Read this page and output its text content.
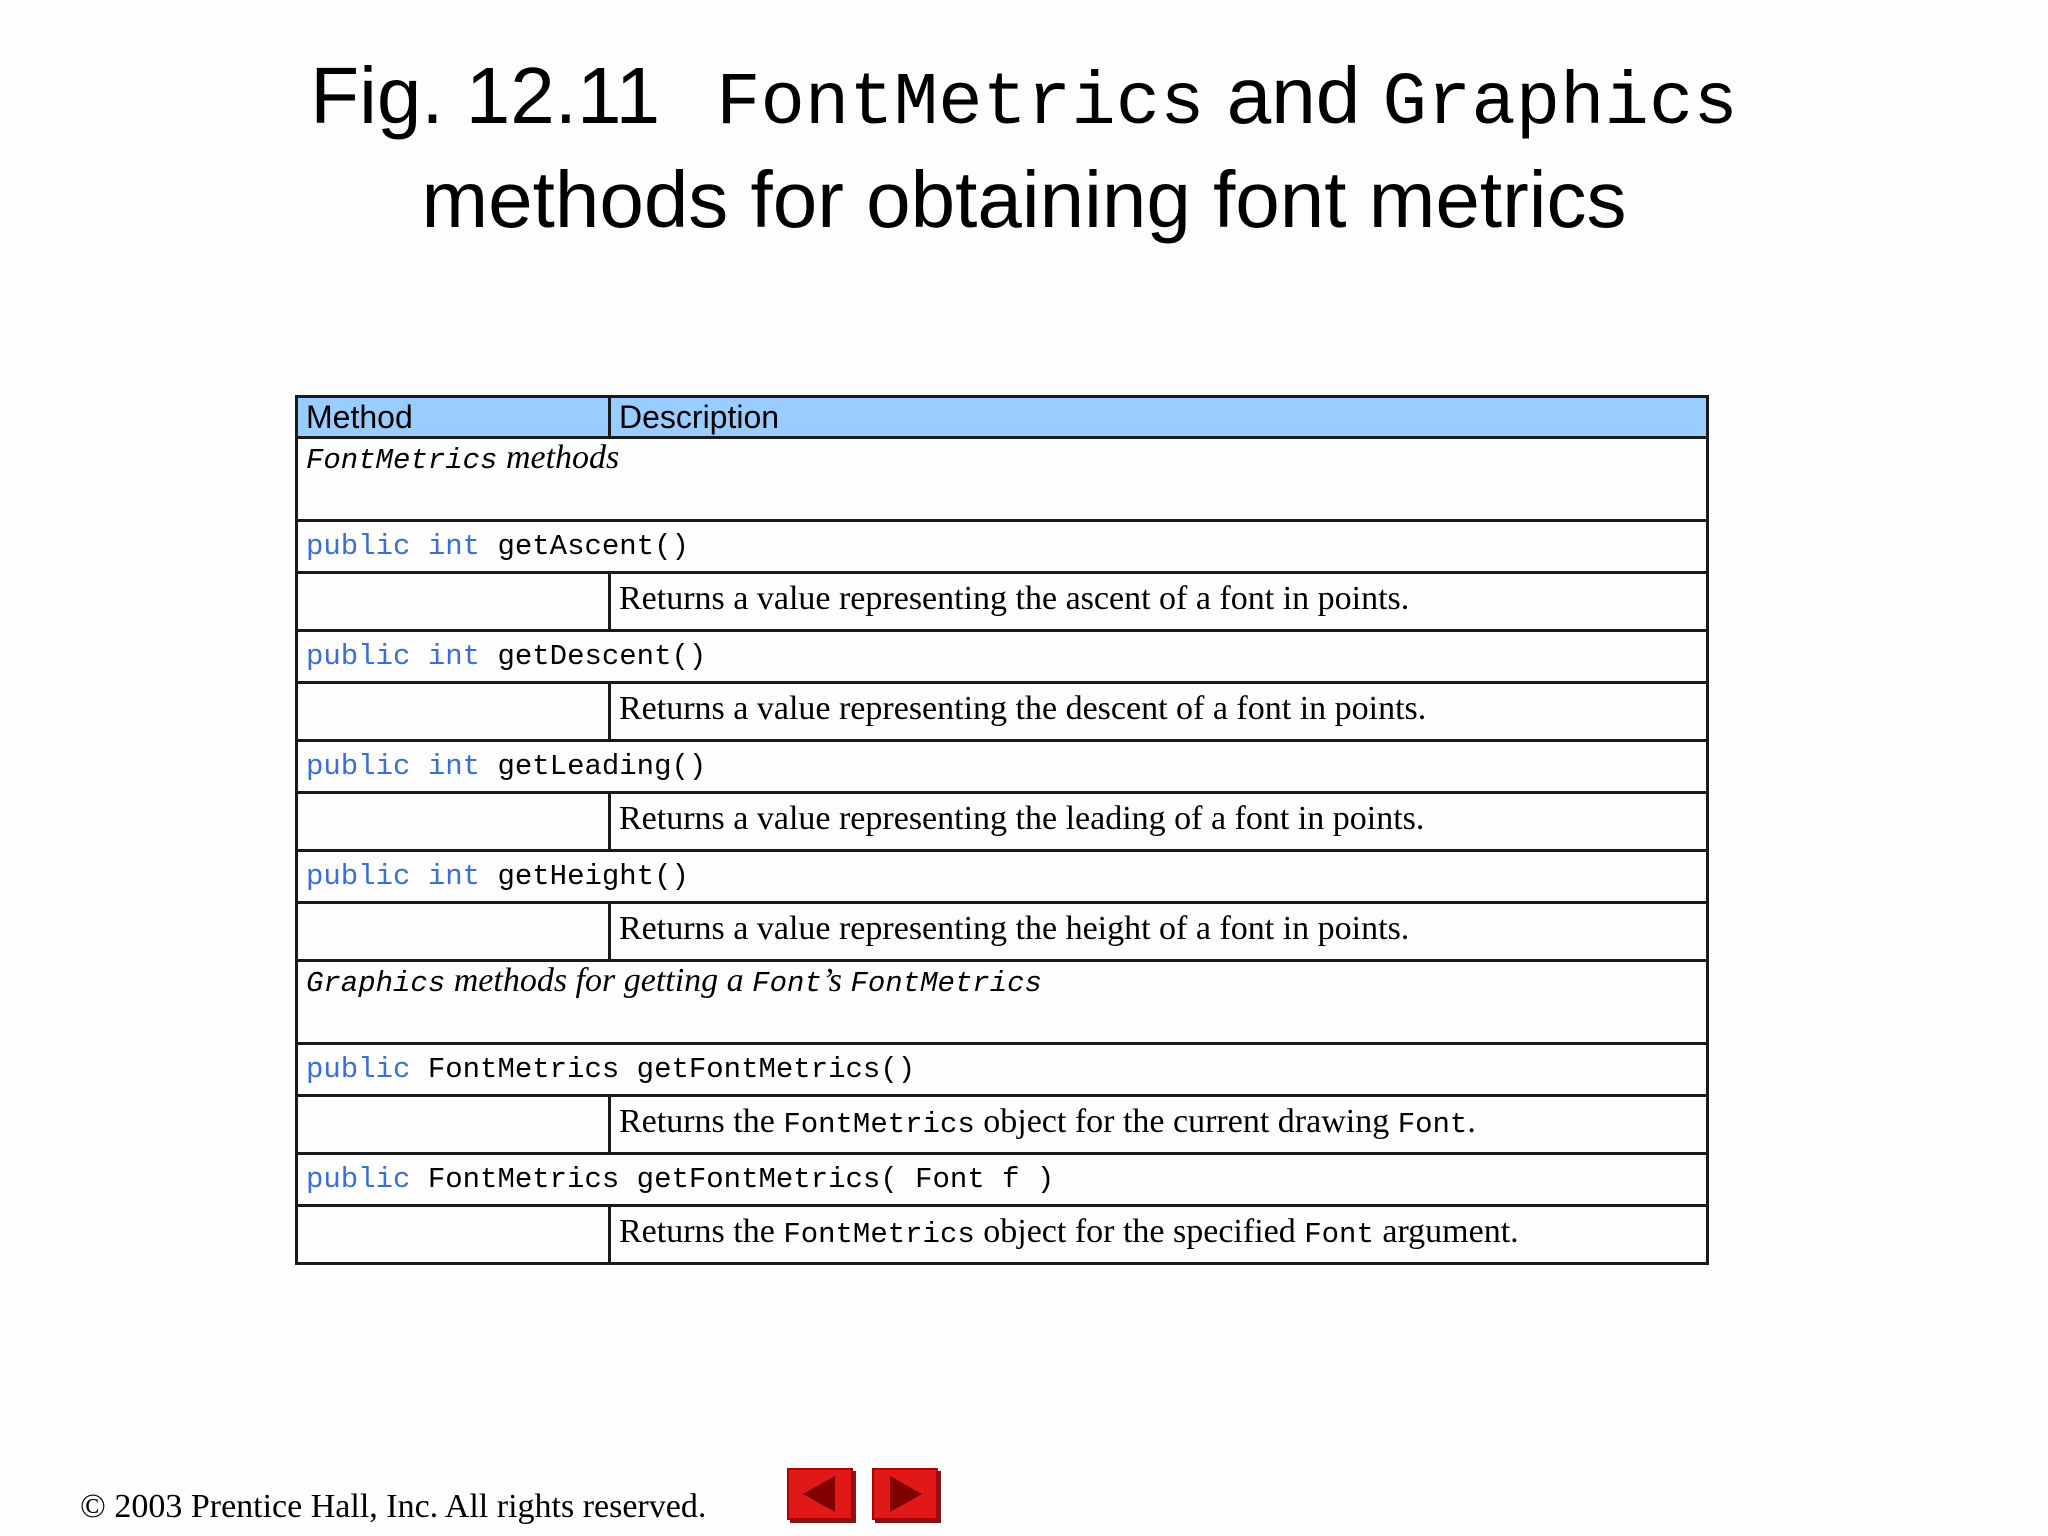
Fig. 12.11 FontMetrics and Graphics
methods for obtaining font metrics
Method	Description
FontMetrics methods	
public int getAscent()	
	Returns a value representing the ascent of a font in points.
public int getDescent()	
	Returns a value representing the descent of a font in points.
public int getLeading()	
	Returns a value representing the leading of a font in points.
public int getHeight()	
	Returns a value representing the height of a font in points.
Graphics methods for getting a Font’s FontMetrics	
public FontMetrics getFontMetrics()	
	Returns the FontMetrics object for the current drawing Font.
public FontMetrics getFontMetrics( Font f )	
	Returns the FontMetrics object for the specified Font argument.
© 2003 Prentice Hall, Inc. All rights reserved.
